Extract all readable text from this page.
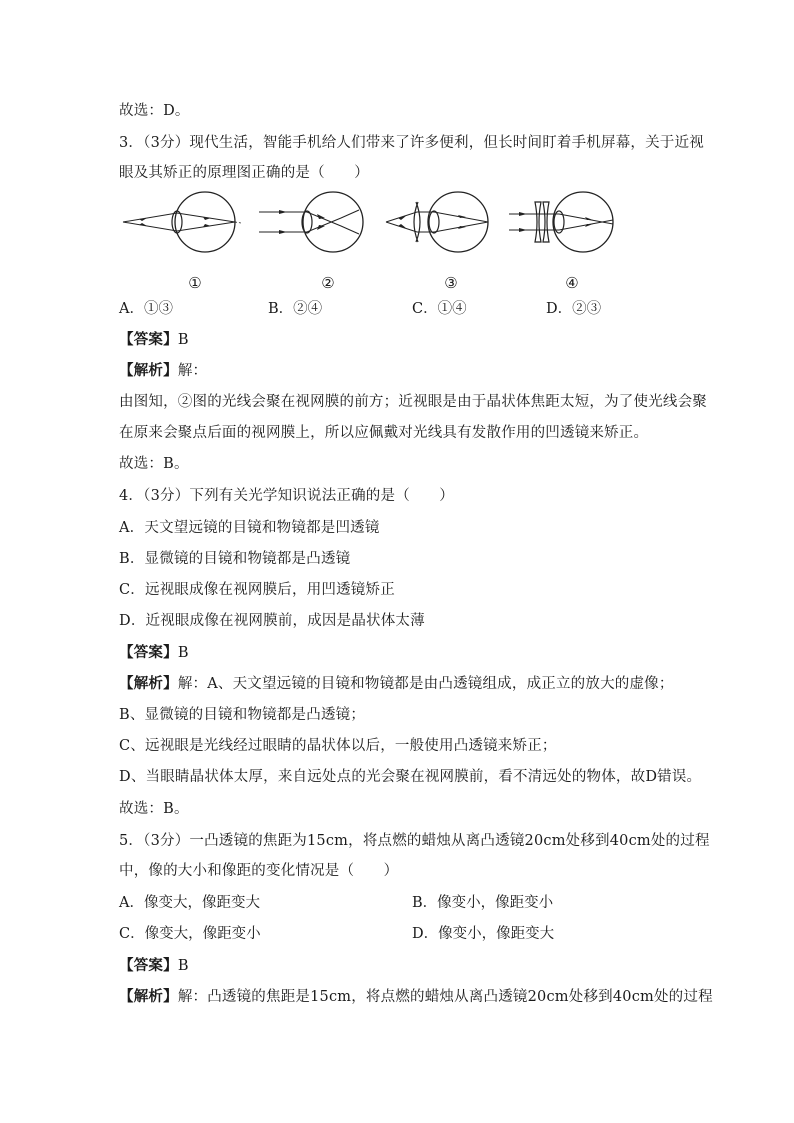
故选：D。
3．（3分）现代生活，智能手机给人们带来了许多便利，但长时间盯着手机屏幕，关于近视
眼及其矫正的原理图正确的是（　　）
①	②	③	④
A．①③	B．②④	C．①④	D．②③
【答案】B
【解析】解：
由图知，②图的光线会聚在视网膜的前方；近视眼是由于晶状体焦距太短，为了使光线会聚
在原来会聚点后面的视网膜上，所以应佩戴对光线具有发散作用的凹透镜来矫正。
故选：B。
4．（3分）下列有关光学知识说法正确的是（　　）
A．天文望远镜的目镜和物镜都是凹透镜
B．显微镜的目镜和物镜都是凸透镜
C．远视眼成像在视网膜后，用凹透镜矫正
D．近视眼成像在视网膜前，成因是晶状体太薄
【答案】B
【解析】解：A、天文望远镜的目镜和物镜都是由凸透镜组成，成正立的放大的虚像；
B、显微镜的目镜和物镜都是凸透镜；
C、远视眼是光线经过眼睛的晶状体以后，一般使用凸透镜来矫正；
D、当眼睛晶状体太厚，来自远处点的光会聚在视网膜前，看不清远处的物体，故D错误。
故选：B。
5．（3分）一凸透镜的焦距为15cm，将点燃的蜡烛从离凸透镜20cm处移到40cm处的过程
中，像的大小和像距的变化情况是（　　）
A．像变大，像距变大	B．像变小，像距变小
C．像变大，像距变小	D．像变小，像距变大
【答案】B
【解析】解：凸透镜的焦距是15cm，将点燃的蜡烛从离凸透镜20cm处移到40cm处的过程
